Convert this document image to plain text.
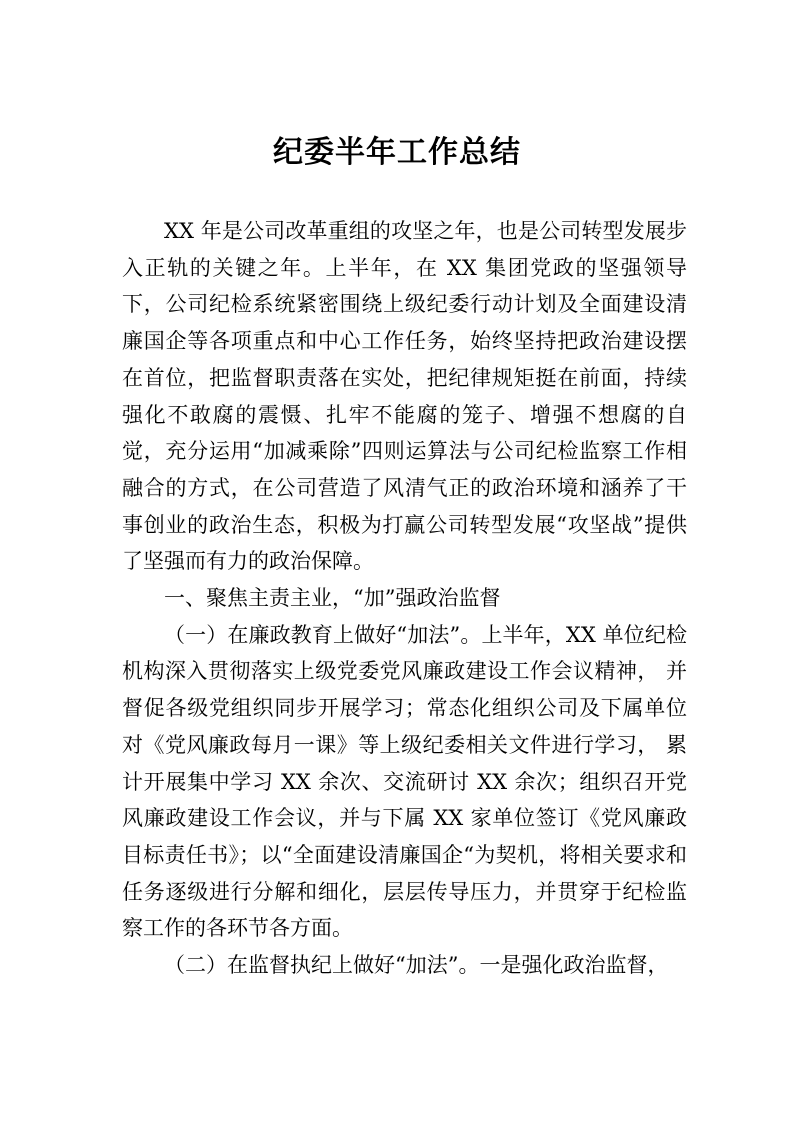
纪委半年工作总结

XX 年是公司改革重组的攻坚之年，也是公司转型发展步入正轨的关键之年。上半年，在 XX 集团党政的坚强领导下，公司纪检系统紧密围绕上级纪委行动计划及全面建设清廉国企等各项重点和中心工作任务，始终坚持把政治建设摆在首位，把监督职责落在实处，把纪律规矩挺在前面，持续强化不敢腐的震慑、扎牢不能腐的笼子、增强不想腐的自觉，充分运用“加减乘除”四则运算法与公司纪检监察工作相融合的方式，在公司营造了风清气正的政治环境和涵养了干事创业的政治生态，积极为打赢公司转型发展“攻坚战”提供了坚强而有力的政治保障。

一、聚焦主责主业，“加”强政治监督

（一）在廉政教育上做好“加法”。上半年，XX 单位纪检机构深入贯彻落实上级党委党风廉政建设工作会议精神， 并督促各级党组织同步开展学习；常态化组织公司及下属单位对《党风廉政每月一课》等上级纪委相关文件进行学习， 累计开展集中学习 XX 余次、交流研讨 XX 余次；组织召开党风廉政建设工作会议，并与下属 XX 家单位签订《党风廉政目标责任书》；以“全面建设清廉国企“为契机，将相关要求和任务逐级进行分解和细化，层层传导压力，并贯穿于纪检监察工作的各环节各方面。

（二）在监督执纪上做好“加法”。一是强化政治监督，
